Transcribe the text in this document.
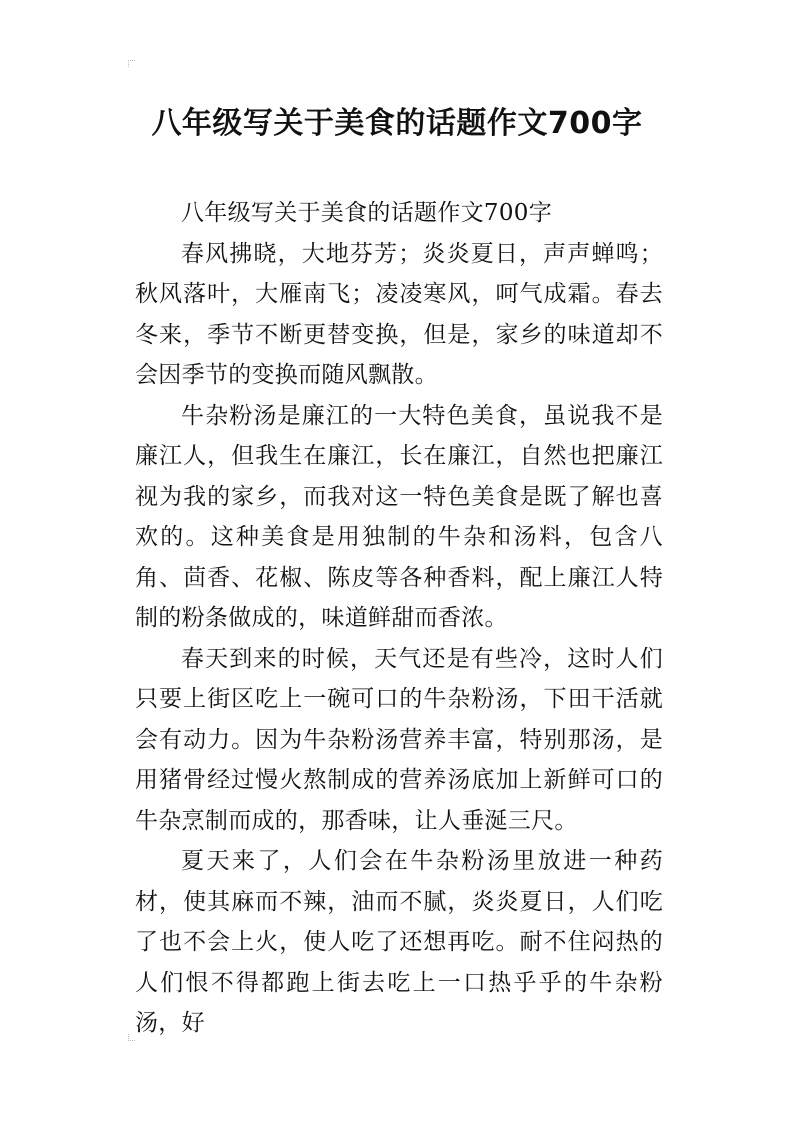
八年级写关于美食的话题作文700字

八年级写关于美食的话题作文700字

春风拂晓，大地芬芳；炎炎夏日，声声蝉鸣；秋风落叶，大雁南飞；凌凌寒风，呵气成霜。春去冬来，季节不断更替变换，但是，家乡的味道却不会因季节的变换而随风飘散。

牛杂粉汤是廉江的一大特色美食，虽说我不是廉江人，但我生在廉江，长在廉江，自然也把廉江视为我的家乡，而我对这一特色美食是既了解也喜欢的。这种美食是用独制的牛杂和汤料，包含八角、茴香、花椒、陈皮等各种香料，配上廉江人特制的粉条做成的，味道鲜甜而香浓。

春天到来的时候，天气还是有些冷，这时人们只要上街区吃上一碗可口的牛杂粉汤，下田干活就会有动力。因为牛杂粉汤营养丰富，特别那汤，是用猪骨经过慢火熬制成的营养汤底加上新鲜可口的牛杂烹制而成的，那香味，让人垂涎三尺。

夏天来了，人们会在牛杂粉汤里放进一种药材，使其麻而不辣，油而不腻，炎炎夏日，人们吃了也不会上火，使人吃了还想再吃。耐不住闷热的人们恨不得都跑上街去吃上一口热乎乎的牛杂粉汤，好
